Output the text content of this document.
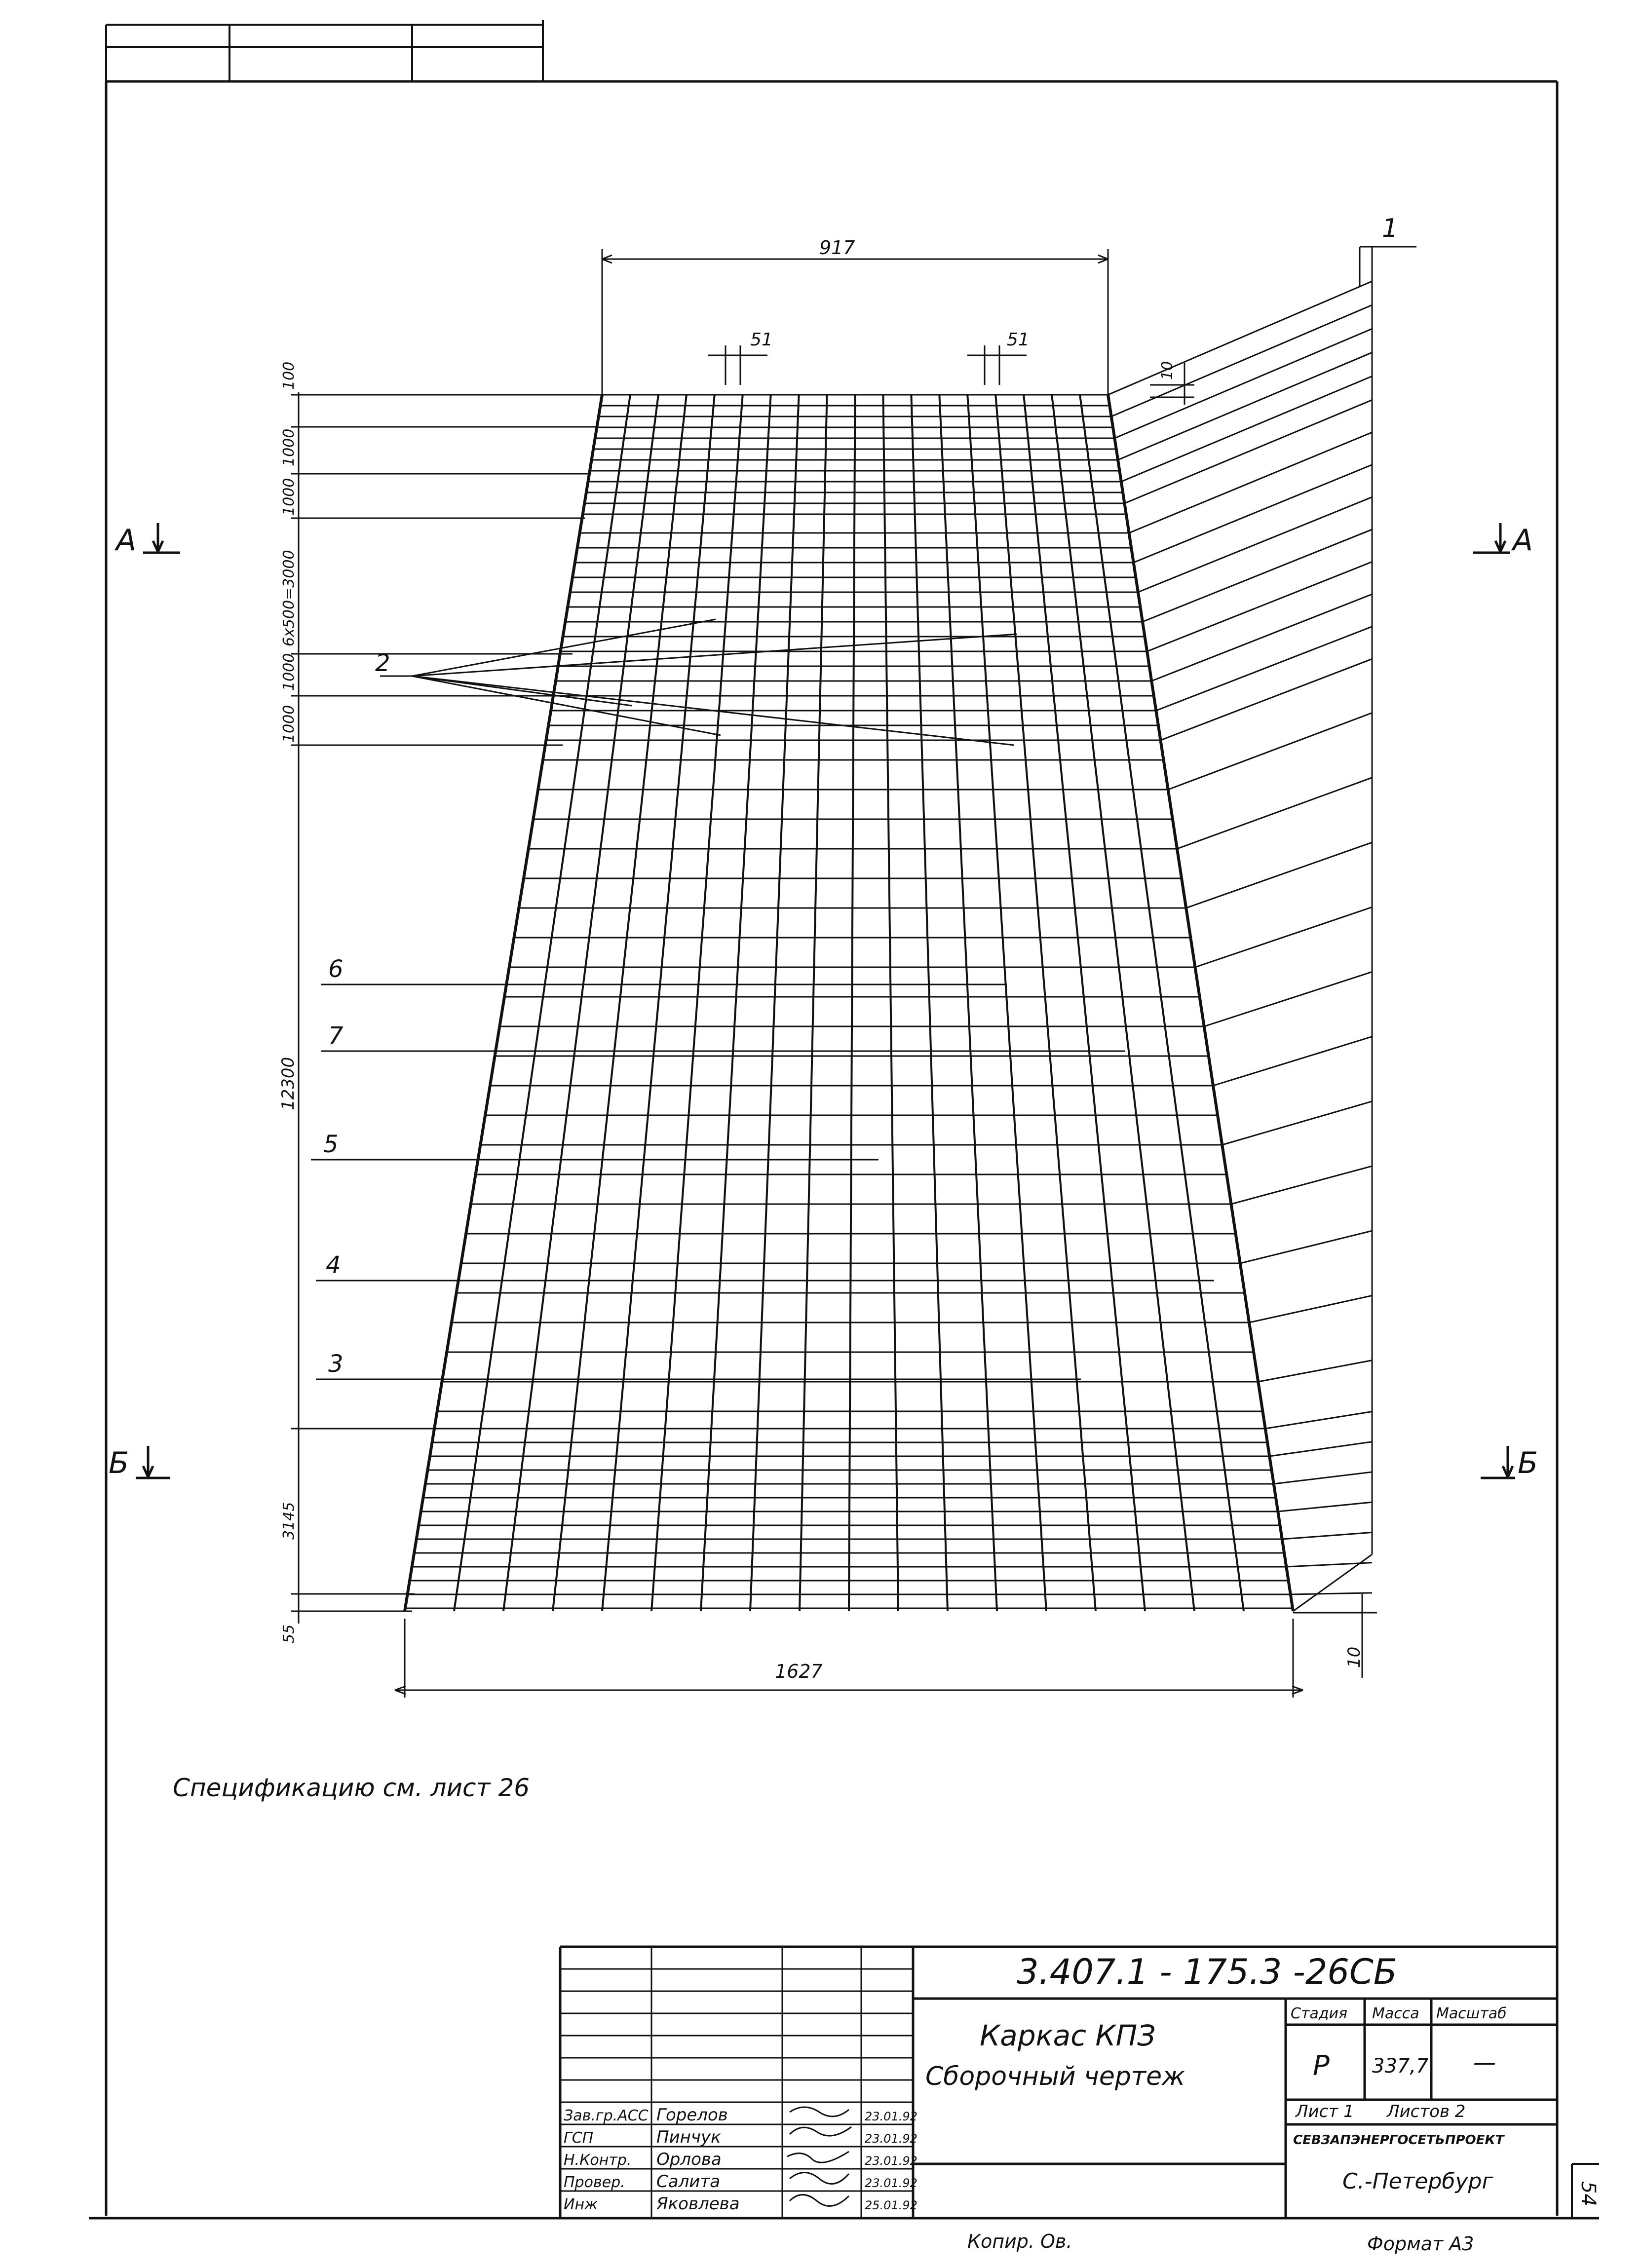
917
51	51
10
1627
10
100
1000
1000
6x500=3000
1000
1000
12300
3145
55
1
2
6
7
5
4
3
А	А
Б	Б
Спецификацию см. лист 26
3.407.1 - 175.3 -26СБ
Каркас КПЗ
Сборочный чертеж
Стадия Масса Масштаб
Р 337,7 —
Лист 1 Листов 2
СЕВЗАПЭНЕРГОСЕТЬПРОЕКТ
С.-Петербург
Зав.гр.АСС Горелов	23.01.92
ГСП	Пинчук	23.01.92
Н.Контр. Орлова	23.01.92
Провер. Салита	23.01.92
Инж	Яковлева	25.01.92
Копир. Ов.	Формат А3
54
